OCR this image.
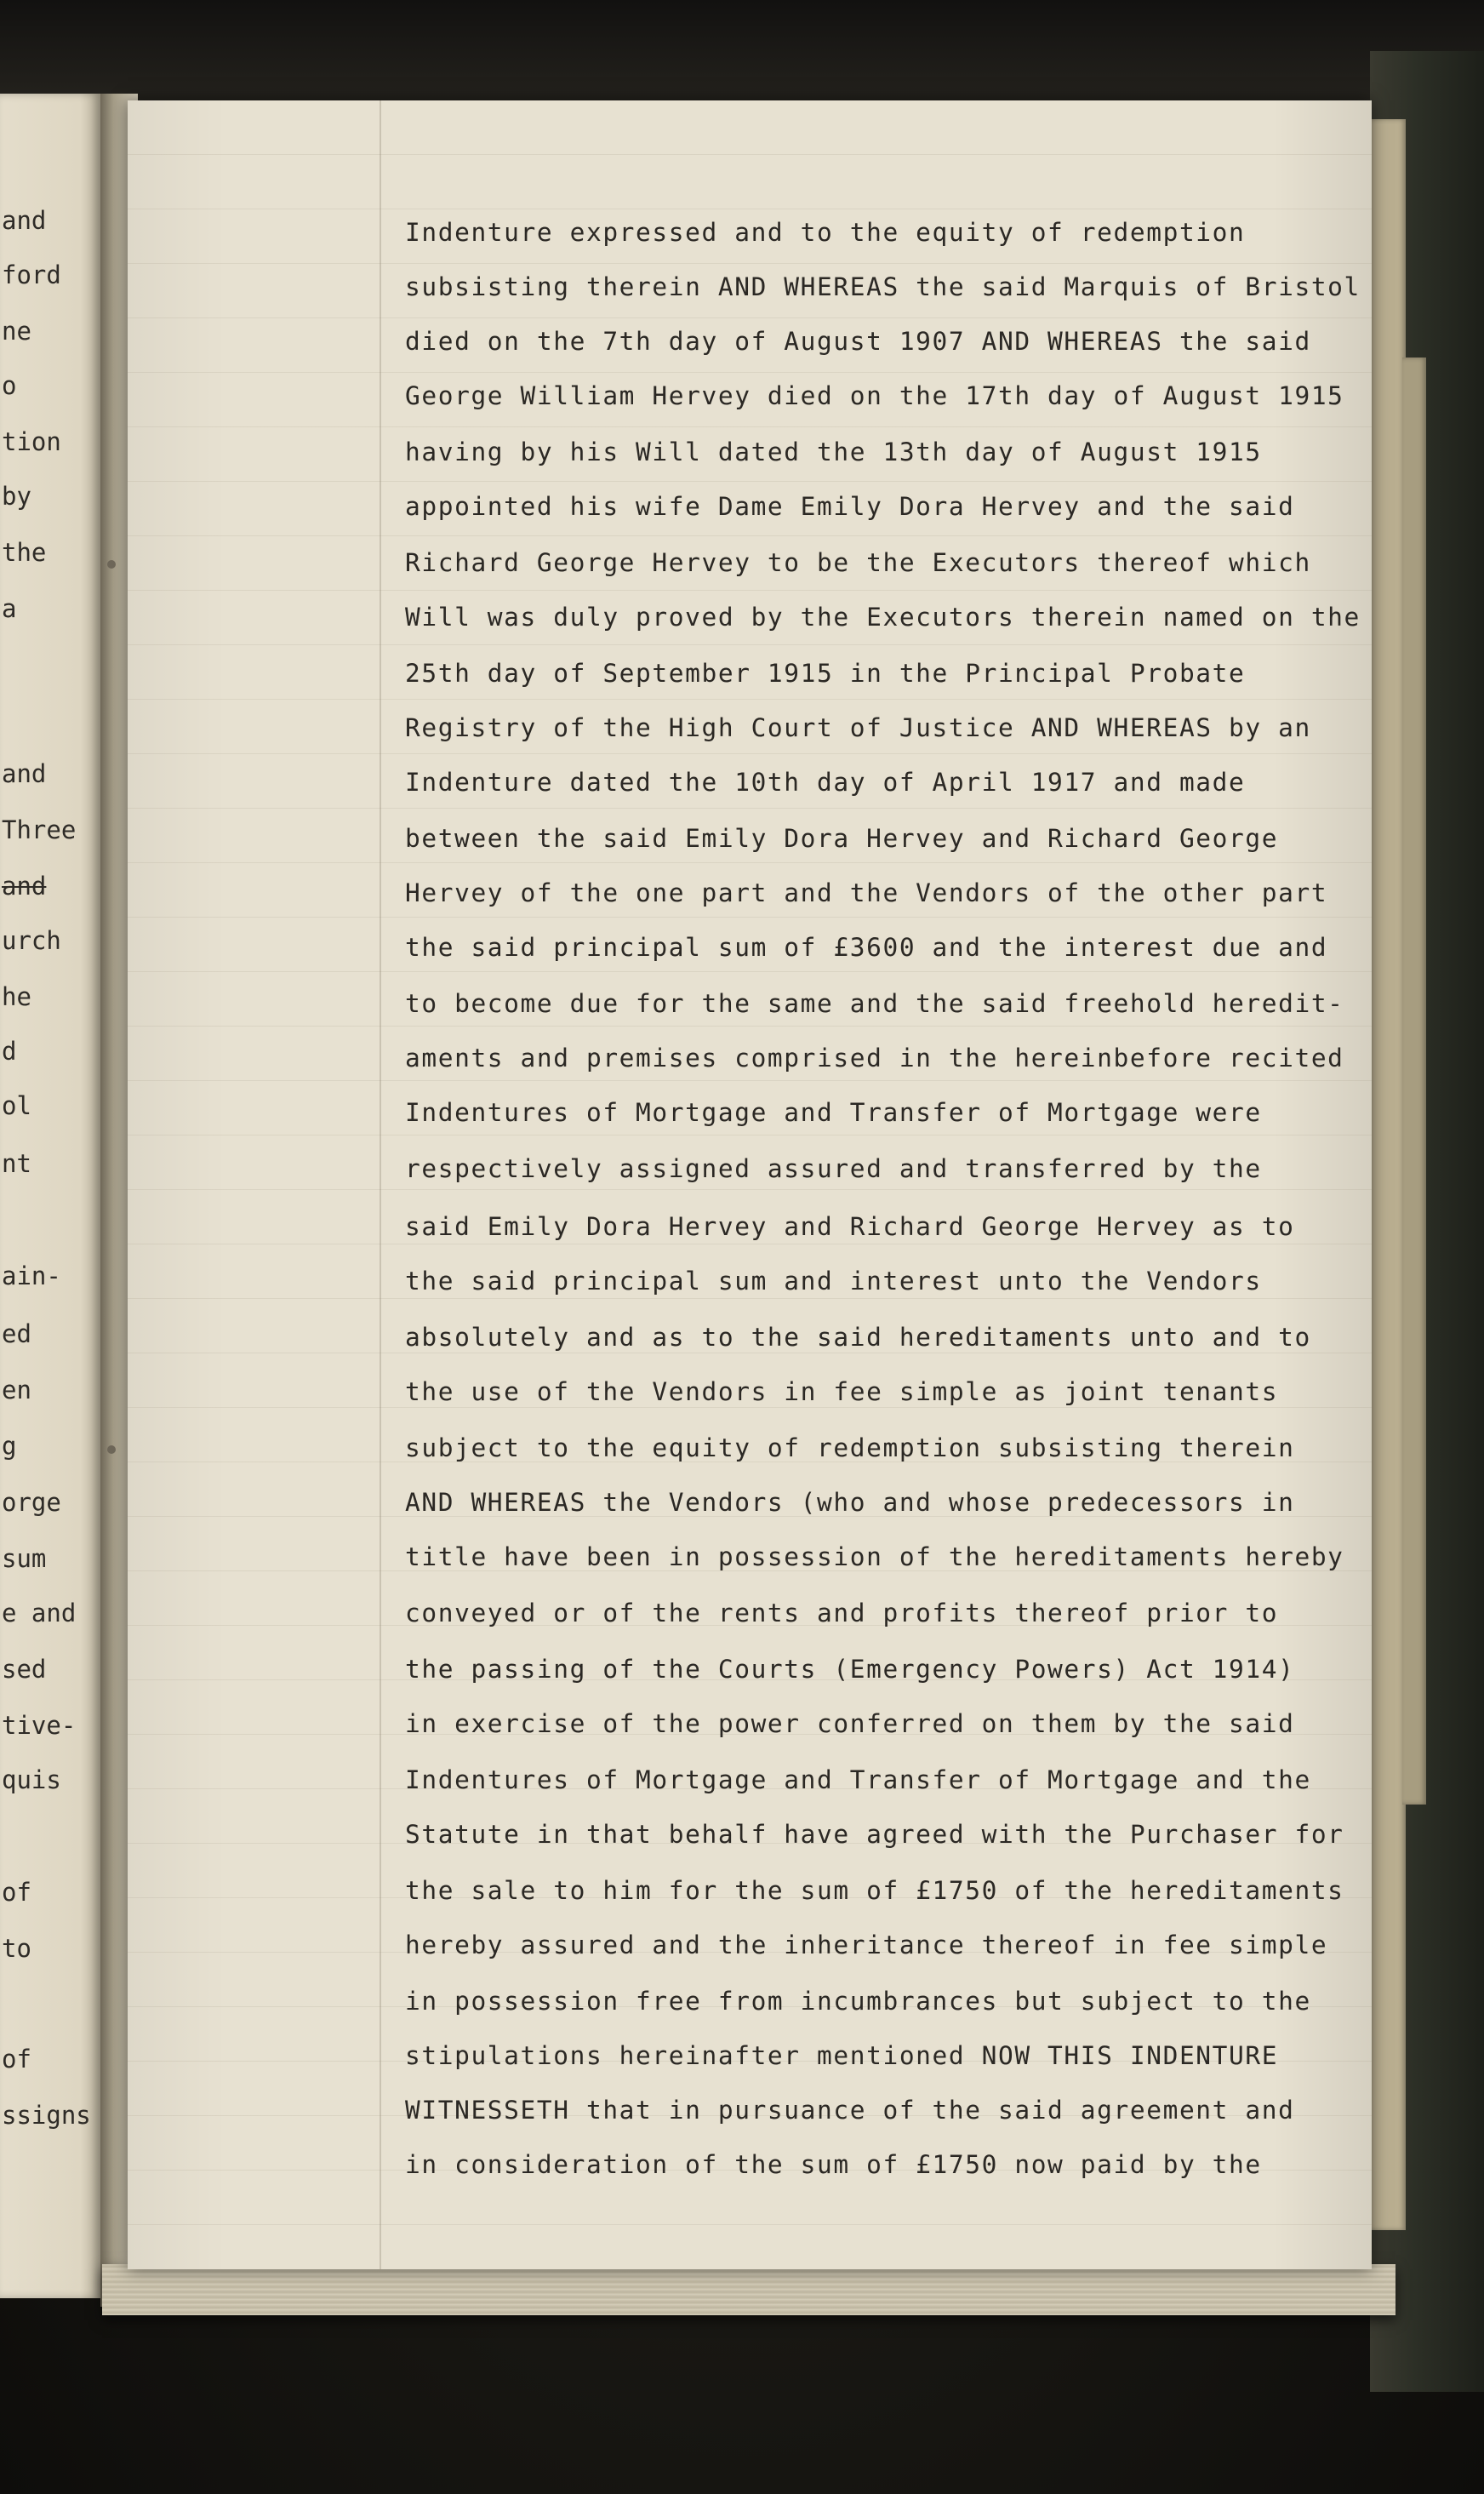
and
ford
ne
o
tion
by
the
a
and
Three
and
urch
he
d
ol
nt
ain-
ed
en
g
orge
sum
e and
sed
tive-
quis
of
to
of
ssigns
Indenture expressed and to the equity of redemption
subsisting therein AND WHEREAS the said Marquis of Bristol
died on the 7th day of August 1907 AND WHEREAS the said
George William Hervey died on the 17th day of August 1915
having by his Will dated the 13th day of August 1915
appointed his wife Dame Emily Dora Hervey and the said
Richard George Hervey to be the Executors thereof which
Will was duly proved by the Executors therein named on the
25th day of September 1915 in the Principal Probate
Registry of the High Court of Justice AND WHEREAS by an
Indenture dated the 10th day of April 1917 and made
between the said Emily Dora Hervey and Richard George
Hervey of the one part and the Vendors of the other part
the said principal sum of £3600 and the interest due and
to become due for the same and the said freehold heredit-
aments and premises comprised in the hereinbefore recited
Indentures of Mortgage and Transfer of Mortgage were
respectively assigned assured and transferred by the
said Emily Dora Hervey and Richard George Hervey as to
the said principal sum and interest unto the Vendors
absolutely and as to the said hereditaments unto and to
the use of the Vendors in fee simple as joint tenants
subject to the equity of redemption subsisting therein
AND WHEREAS the Vendors (who and whose predecessors in
title have been in possession of the hereditaments hereby
conveyed or of the rents and profits thereof prior to
the passing of the Courts (Emergency Powers) Act 1914)
in exercise of the power conferred on them by the said
Indentures of Mortgage and Transfer of Mortgage and the
Statute in that behalf have agreed with the Purchaser for
the sale to him for the sum of £1750 of the hereditaments
hereby assured and the inheritance thereof in fee simple
in possession free from incumbrances but subject to the
stipulations hereinafter mentioned NOW THIS INDENTURE
WITNESSETH that in pursuance of the said agreement and
in consideration of the sum of £1750 now paid by the
